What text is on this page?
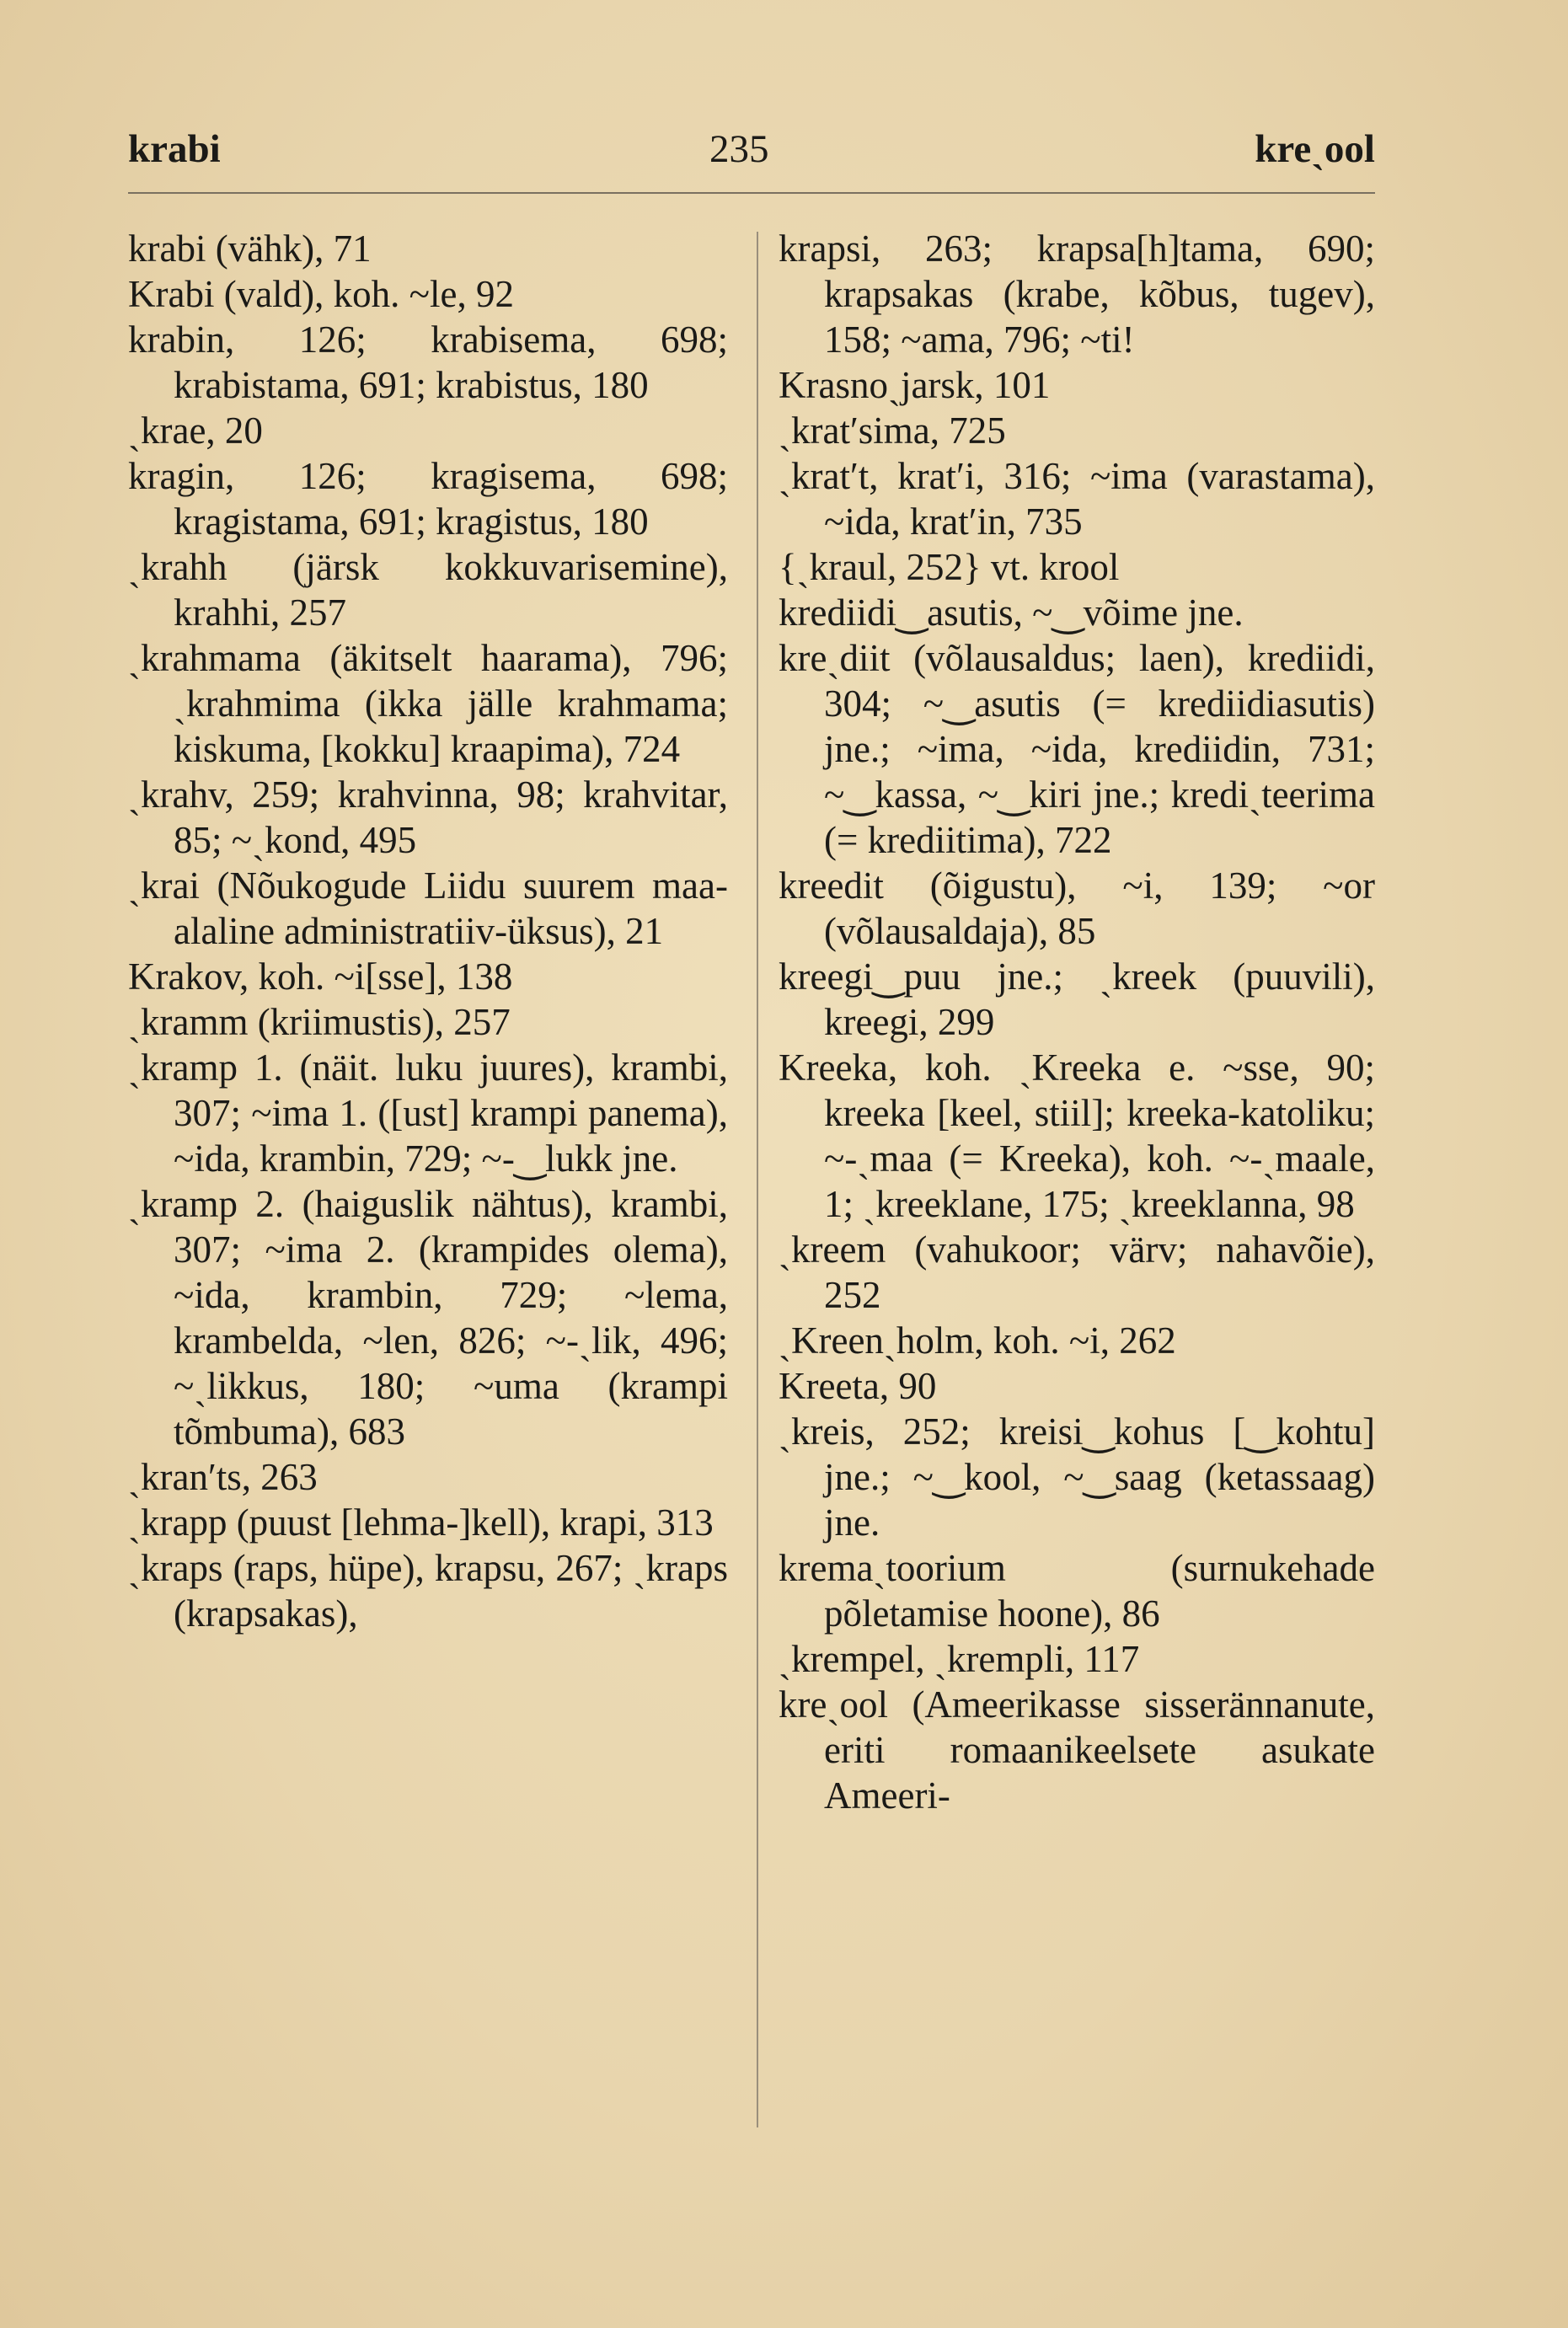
krabi	235	kreˎool

krabi (vähk), 71

Krabi (vald), koh. ~le, 92

krabin, 126; krabisema, 698; krabistama, 691; krabistus, 180

ˎkrae, 20

kragin, 126; kragisema, 698; kragistama, 691; kragistus, 180

ˎkrahh (järsk kokkuvarisemine), krahhi, 257

ˎkrahmama (äkitselt haarama), 796; ˎkrahmima (ikka jälle krahmama; kiskuma, [kokku] kraapima), 724

ˎkrahv, 259; krahvinna, 98; krahvitar, 85; ~ˎkond, 495

ˎkrai (Nõukogude Liidu suurem maa-alaline administratiiv-üksus), 21

Krakov, koh. ~i[sse], 138

ˎkramm (kriimustis), 257

ˎkramp 1. (näit. luku juures), krambi, 307; ~ima 1. ([ust] krampi panema), ~ida, krambin, 729; ~-‿lukk jne.

ˎkramp 2. (haiguslik nähtus), krambi, 307; ~ima 2. (krampides olema), ~ida, krambin, 729; ~lema, krambelda, ~len, 826; ~-ˎlik, 496; ~ˎlikkus, 180; ~uma (krampi tõmbuma), 683

ˎkran′ts, 263

ˎkrapp (puust [lehma-]kell), krapi, 313

ˎkraps (raps, hüpe), krapsu, 267; ˎkraps (krapsakas),

krapsi, 263; krapsa[h]tama, 690; krapsakas (krabe, kõbus, tugev), 158; ~ama, 796; ~ti!

Krasnoˎjarsk, 101

ˎkrat′sima, 725

ˎkrat′t, krat′i, 316; ~ima (varastama), ~ida, krat′in, 735

{ˎkraul, 252} vt. krool

krediidi‿asutis, ~‿võime jne.

kreˎdiit (võlausaldus; laen), krediidi, 304; ~‿asutis (= krediidiasutis) jne.; ~ima, ~ida, krediidin, 731; ~‿kassa, ~‿kiri jne.; krediˎteerima (= krediitima), 722

kreedit (õigustu), ~i, 139; ~or (võlausaldaja), 85

kreegi‿puu jne.; ˎkreek (puuvili), kreegi, 299

Kreeka, koh. ˎKreeka e. ~sse, 90; kreeka [keel, stiil]; kreeka-katoliku; ~-ˎmaa (= Kreeka), koh. ~-ˎmaale, 1; ˎkreeklane, 175; ˎkreeklanna, 98

ˎkreem (vahukoor; värv; nahavõie), 252

ˎKreenˎholm, koh. ~i, 262

Kreeta, 90

ˎkreis, 252; kreisi‿kohus [‿kohtu] jne.; ~‿kool, ~‿saag (ketassaag) jne.

kremaˎtoorium (surnukehade põletamise hoone), 86

ˎkrempel, ˎkrempli, 117

kreˎool (Ameerikasse sisserännanute, eriti romaanikeelsete asukate Ameeri-
